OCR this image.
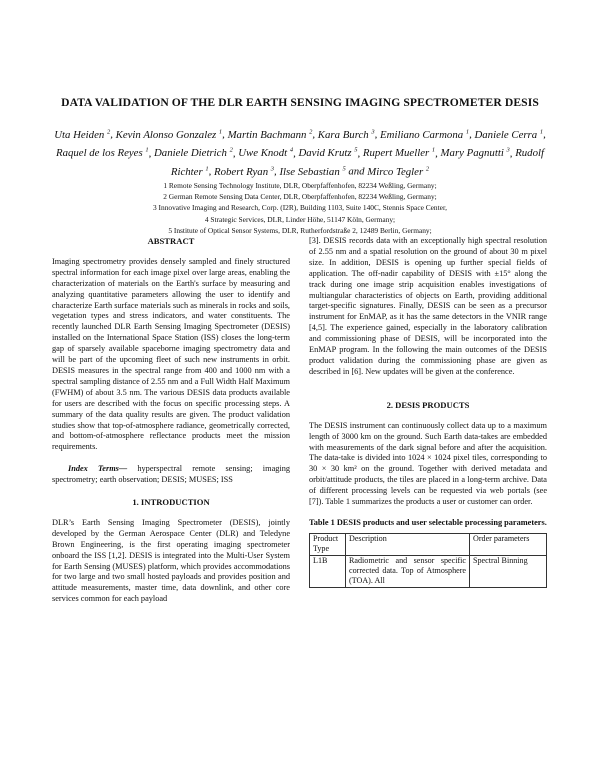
DATA VALIDATION OF THE DLR EARTH SENSING IMAGING SPECTROMETER DESIS
Uta Heiden $^2$, Kevin Alonso Gonzalez $^1$, Martin Bachmann $^2$, Kara Burch $^3$, Emiliano Carmona $^1$, Daniele Cerra $^1$, Raquel de los Reyes $^1$, Daniele Dietrich $^2$, Uwe Knodt $^4$, David Krutz $^5$, Rupert Mueller $^1$, Mary Pagnutti $^3$, Rudolf Richter $^1$, Robert Ryan $^3$, Ilse Sebastian $^5$ and Mirco Tegler $^2$
1 Remote Sensing Technology Institute, DLR, Oberpfaffenhofen, 82234 Weßling, Germany;
2 German Remote Sensing Data Center, DLR, Oberpfaffenhofen, 82234 Weßling, Germany;
3 Innovative Imaging and Research, Corp. (I2R), Building 1103, Suite 140C, Stennis Space Center,
4 Strategic Services, DLR, Linder Höhe, 51147 Köln, Germany;
5 Institute of Optical Sensor Systems, DLR, Rutherfordstraße 2, 12489 Berlin, Germany;
ABSTRACT

Imaging spectrometry provides densely sampled and finely structured spectral information for each image pixel over large areas, enabling the characterization of materials on the Earth's surface by measuring and analyzing quantitative parameters allowing the user to identify and characterize Earth surface materials such as minerals in rocks and soils, vegetation types and stress indicators, and water constituents. The recently launched DLR Earth Sensing Imaging Spectrometer (DESIS) installed on the International Space Station (ISS) closes the long-term gap of sparsely available spaceborne imaging spectrometry data and will be part of the upcoming fleet of such new instruments in orbit. DESIS measures in the spectral range from 400 and 1000 nm with a spectral sampling distance of 2.55 nm and a Full Width Half Maximum (FWHM) of about 3.5 nm. The various DESIS data products available for users are described with the focus on specific processing steps. A summary of the data quality results are given. The product validation studies show that top-of-atmosphere radiance, geometrically corrected, and bottom-of-atmosphere reflectance products meet the mission requirements.

Index Terms— hyperspectral remote sensing; imaging spectrometry; earth observation; DESIS; MUSES; ISS

1. INTRODUCTION

DLR’s Earth Sensing Imaging Spectrometer (DESIS), jointly developed by the German Aerospace Center (DLR) and Teledyne Brown Engineering, is the first operating imaging spectrometer onboard the ISS [1,2]. DESIS is integrated into the Multi-User System for Earth Sensing (MUSES) platform, which provides accommodations for two large and two small hosted payloads and provides position and attitude measurements, master time, data downlink, and other core services common for each payload

[3]. DESIS records data with an exceptionally high spectral resolution of 2.55 nm and a spatial resolution on the ground of about 30 m pixel size. In addition, DESIS is opening up further special fields of application. The off-nadir capability of DESIS with ±15° along the track during one image strip acquisition enables investigations of multiangular characteristics of objects on Earth, providing additional target-specific signatures. Finally, DESIS can be seen as a precursor instrument for EnMAP, as it has the same detectors in the VNIR range [4,5]. The experience gained, especially in the laboratory calibration and commissioning phase of DESIS, will be incorporated into the EnMAP program. In the following the main outcomes of the DESIS product validation during the commissioning phase are given as described in [6]. New updates will be given at the conference.

2. DESIS PRODUCTS

The DESIS instrument can continuously collect data up to a maximum length of 3000 km on the ground. Such Earth data-takes are embedded with measurements of the dark signal before and after the acquisition. The data-take is divided into 1024 × 1024 pixel tiles, corresponding to 30 × 30 km² on the ground. Together with derived metadata and orbit/attitude products, the tiles are placed in a long-term archive. Data of different processing levels can be requested via web portals (see [7]). Table 1 summarizes the products a user or customer can order.

Table 1 DESIS products and user selectable processing parameters.
Product Type	Description	Order parameters
L1B	Radiometric and sensor specific corrected data. Top of Atmosphere (TOA). All	Spectral Binning
